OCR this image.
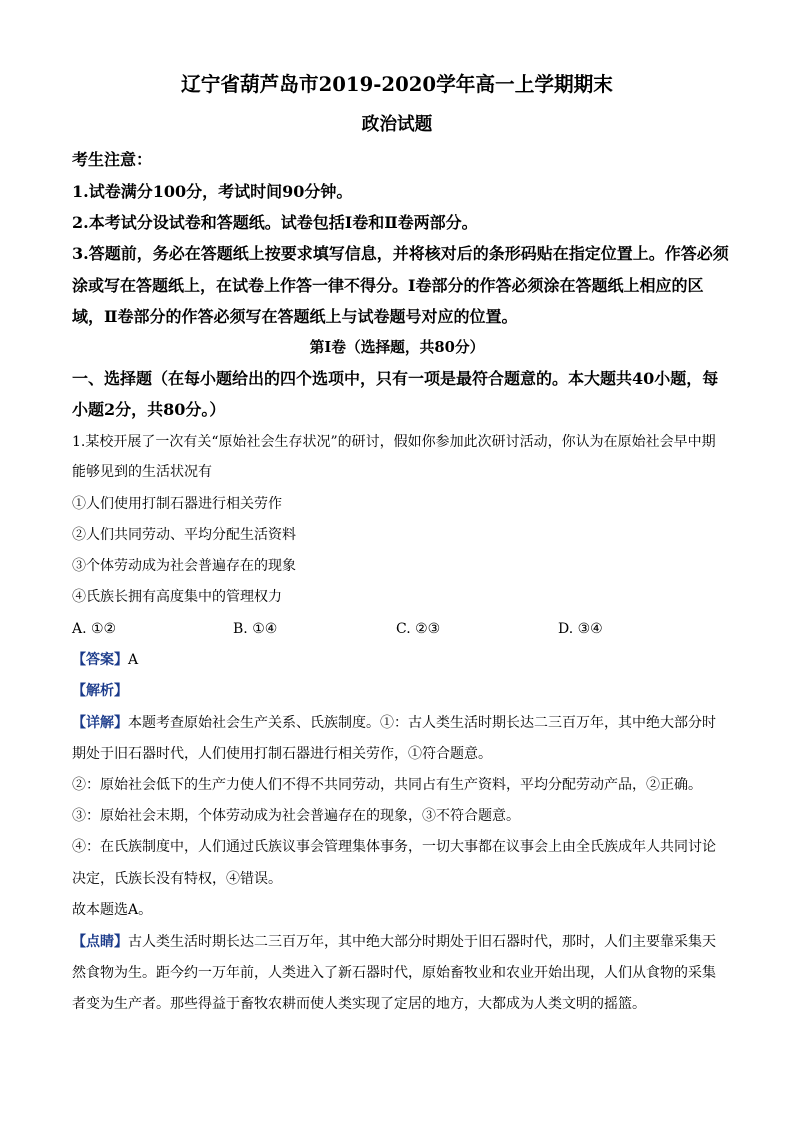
辽宁省葫芦岛市2019-2020学年高一上学期期末
政治试题
考生注意：
1.试卷满分100分，考试时间90分钟。
2.本考试分设试卷和答题纸。试卷包括Ⅰ卷和Ⅱ卷两部分。
3.答题前，务必在答题纸上按要求填写信息，并将核对后的条形码贴在指定位置上。作答必须
涂或写在答题纸上，在试卷上作答一律不得分。Ⅰ卷部分的作答必须涂在答题纸上相应的区
域，Ⅱ卷部分的作答必须写在答题纸上与试卷题号对应的位置。
第Ⅰ卷（选择题，共80分）
一、选择题（在每小题给出的四个选项中，只有一项是最符合题意的。本大题共40小题，每
小题2分，共80分。）
1.某校开展了一次有关“原始社会生存状况”的研讨，假如你参加此次研讨活动，你认为在原始社会早中期
能够见到的生活状况有
①人们使用打制石器进行相关劳作
②人们共同劳动、平均分配生活资料
③个体劳动成为社会普遍存在的现象
④氏族长拥有高度集中的管理权力
A. ①②	B. ①④	C. ②③	D. ③④
【答案】A
【解析】
【详解】本题考查原始社会生产关系、氏族制度。①：古人类生活时期长达二三百万年，其中绝大部分时
期处于旧石器时代，人们使用打制石器进行相关劳作，①符合题意。
②：原始社会低下的生产力使人们不得不共同劳动，共同占有生产资料，平均分配劳动产品，②正确。
③：原始社会末期，个体劳动成为社会普遍存在的现象，③不符合题意。
④：在氏族制度中，人们通过氏族议事会管理集体事务，一切大事都在议事会上由全氏族成年人共同讨论
决定，氏族长没有特权，④错误。
故本题选A。
【点睛】古人类生活时期长达二三百万年，其中绝大部分时期处于旧石器时代，那时，人们主要靠采集天
然食物为生。距今约一万年前，人类进入了新石器时代，原始畜牧业和农业开始出现，人们从食物的采集
者变为生产者。那些得益于畜牧农耕而使人类实现了定居的地方，大都成为人类文明的摇篮。
